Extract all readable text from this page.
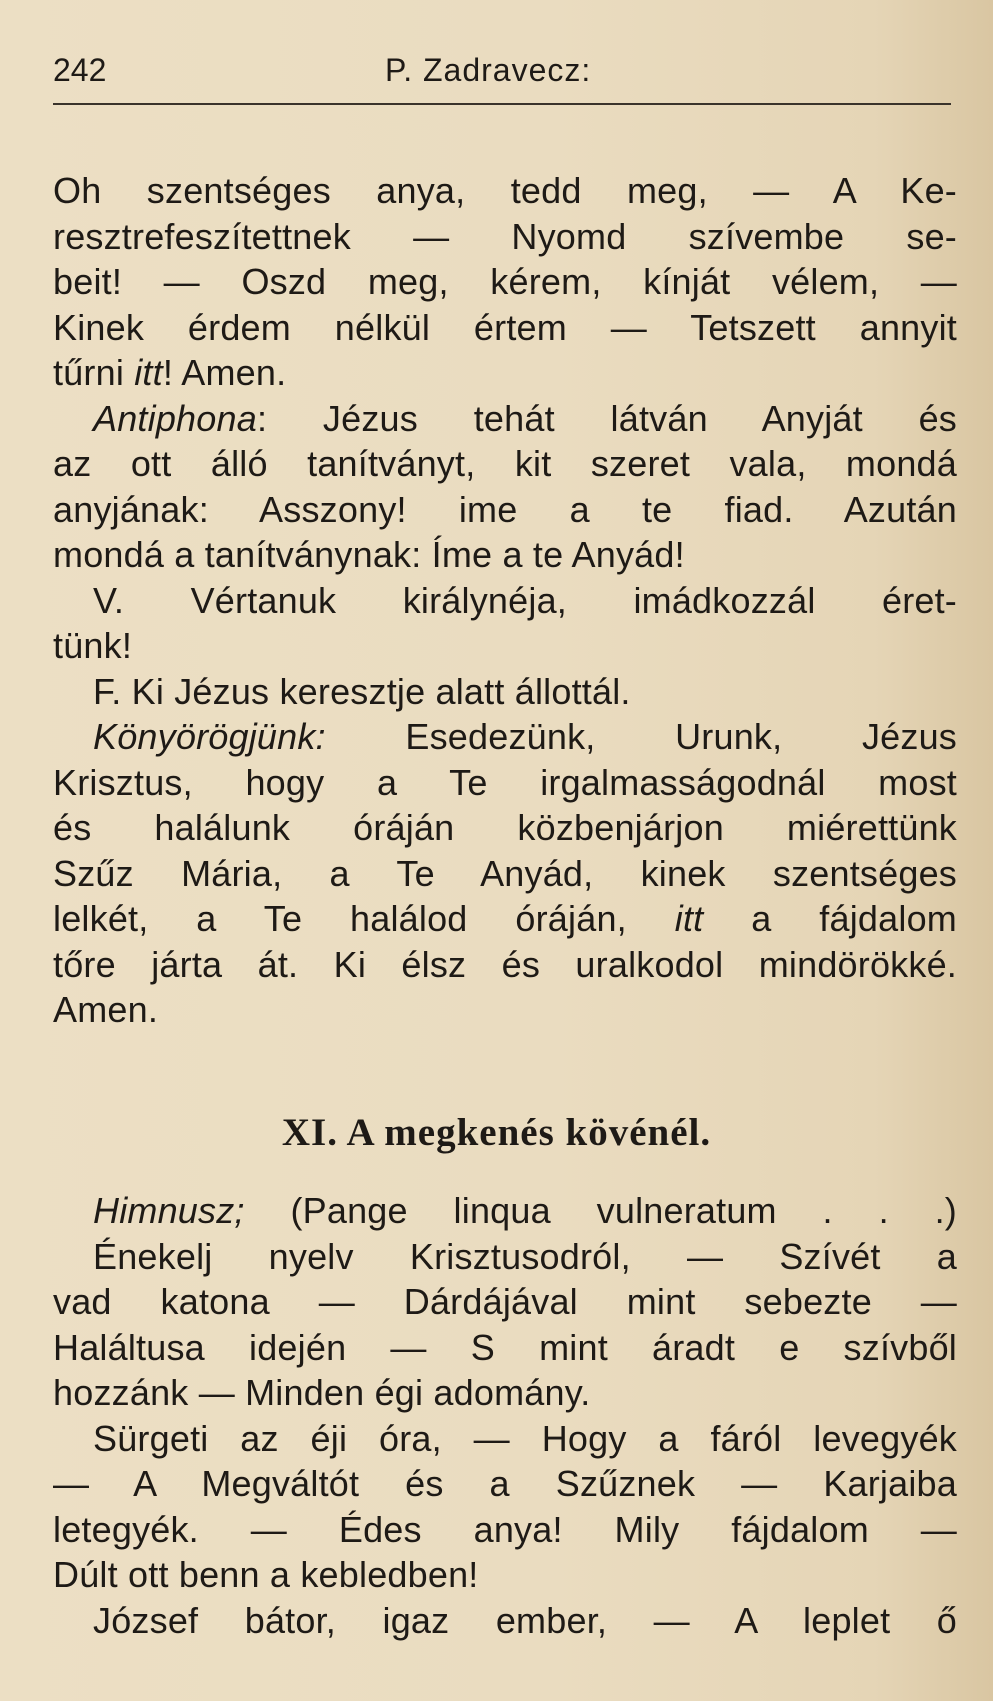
242	P. Zadravecz:
Oh szentséges anya, tedd meg, — A Ke-
resztrefeszítettnek — Nyomd szívembe se-
beit! — Oszd meg, kérem, kínját vélem, —
Kinek érdem nélkül értem — Tetszett annyit
tűrni itt! Amen.
Antiphona: Jézus tehát látván Anyját és
az ott álló tanítványt, kit szeret vala, mondá
anyjának: Asszony! ime a te fiad. Azután
mondá a tanítványnak: Íme a te Anyád!
V. Vértanuk királynéja, imádkozzál éret-
tünk!
F. Ki Jézus keresztje alatt állottál.
Könyörögjünk: Esedezünk, Urunk, Jézus
Krisztus, hogy a Te irgalmasságodnál most
és halálunk óráján közbenjárjon miérettünk
Szűz Mária, a Te Anyád, kinek szentséges
lelkét, a Te halálod óráján, itt a fájdalom
tőre járta át. Ki élsz és uralkodol mindörökké.
Amen.
XI. A megkenés kövénél.
Himnusz; (Pange linqua vulneratum . . .)
Énekelj nyelv Krisztusodról, — Szívét a
vad katona — Dárdájával mint sebezte —
Haláltusa idején — S mint áradt e szívből
hozzánk — Minden égi adomány.
Sürgeti az éji óra, — Hogy a fáról levegyék
— A Megváltót és a Szűznek — Karjaiba
letegyék. — Édes anya! Mily fájdalom —
Dúlt ott benn a kebledben!
József bátor, igaz ember, — A leplet ő
